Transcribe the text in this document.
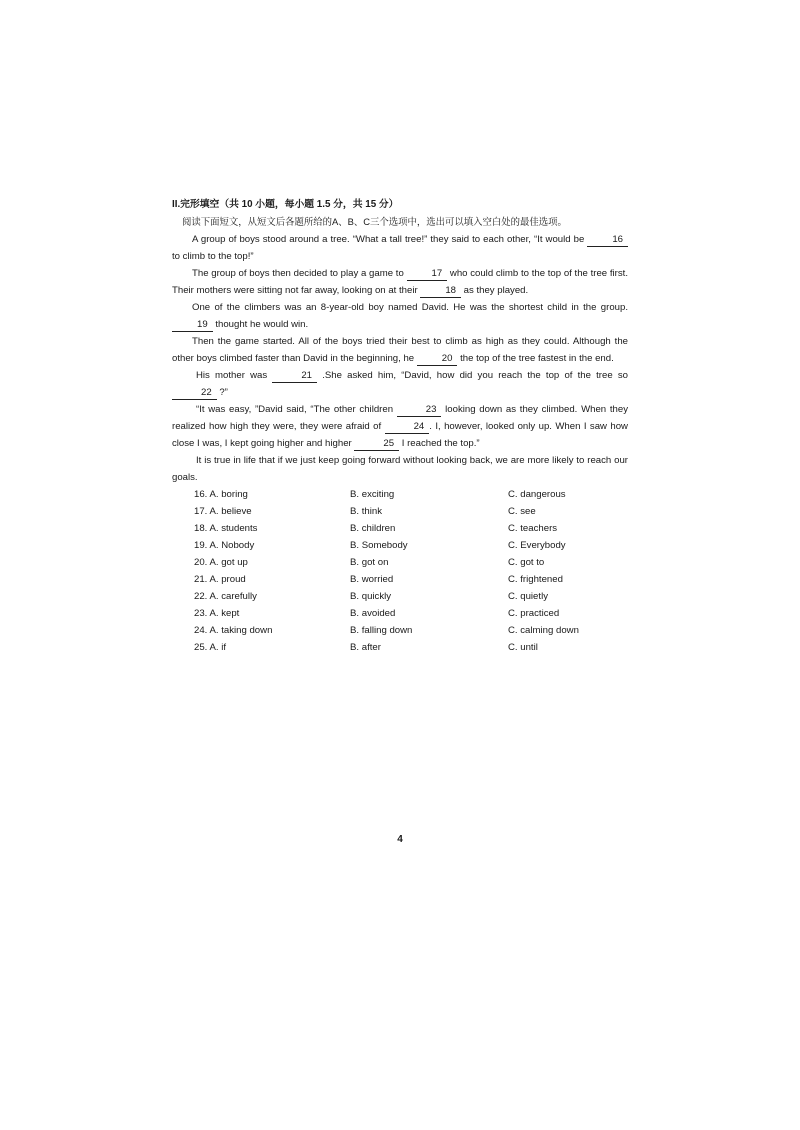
II.完形填空（共 10 小题，每小题 1.5 分，共 15 分）

阅读下面短文，从短文后各题所给的A、B、C三个选项中，选出可以填入空白处的最佳选项。

A group of boys stood around a tree. “What a tall tree!” they said to each other, “It would be	16 to climb to the top!”

The group of boys then decided to play a game to	17 who could climb to the top of the tree first. Their mothers were sitting not far away, looking on at their	18 as they played.

One of the climbers was an 8-year-old boy named David. He was the shortest child in the group. 19 thought he would win.

Then the game started. All of the boys tried their best to climb as high as they could. Although the other boys climbed faster than David in the beginning, he	20 the top of the tree fastest in the end.

His mother was	21 .She asked him, “David, how did you reach the top of the tree so 22 ?”

“It was easy, ”David said, “The other children	23 looking down as they climbed. When they realized how high they were, they were afraid of	24 . I, however, looked only up. When I saw how close I was, I kept going higher and higher	25 I reached the top.”

It is true in life that if we just keep going forward without looking back, we are more likely to reach our goals.

16. A. boring	B. exciting	C. dangerous
17. A. believe	B. think	C. see
18. A. students	B. children	C. teachers
19. A. Nobody	B. Somebody	C. Everybody
20. A. got up	B. got on	C. got to
21. A. proud	B. worried	C. frightened
22. A. carefully	B. quickly	C. quietly
23. A. kept	B. avoided	C. practiced
24. A. taking down	B. falling down	C. calming down
25. A. if	B. after	C. until
4
